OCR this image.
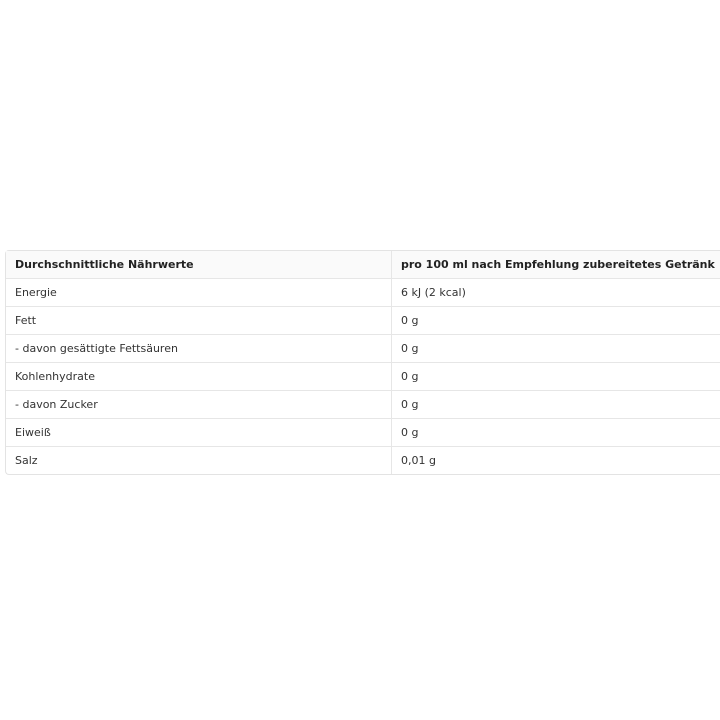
Durchschnittliche Nährwerte	pro 100 ml nach Empfehlung zubereitetes Getränk
Energie	6 kJ (2 kcal)
Fett	0 g
- davon gesättigte Fettsäuren	0 g
Kohlenhydrate	0 g
- davon Zucker	0 g
Eiweiß	0 g
Salz	0,01 g
